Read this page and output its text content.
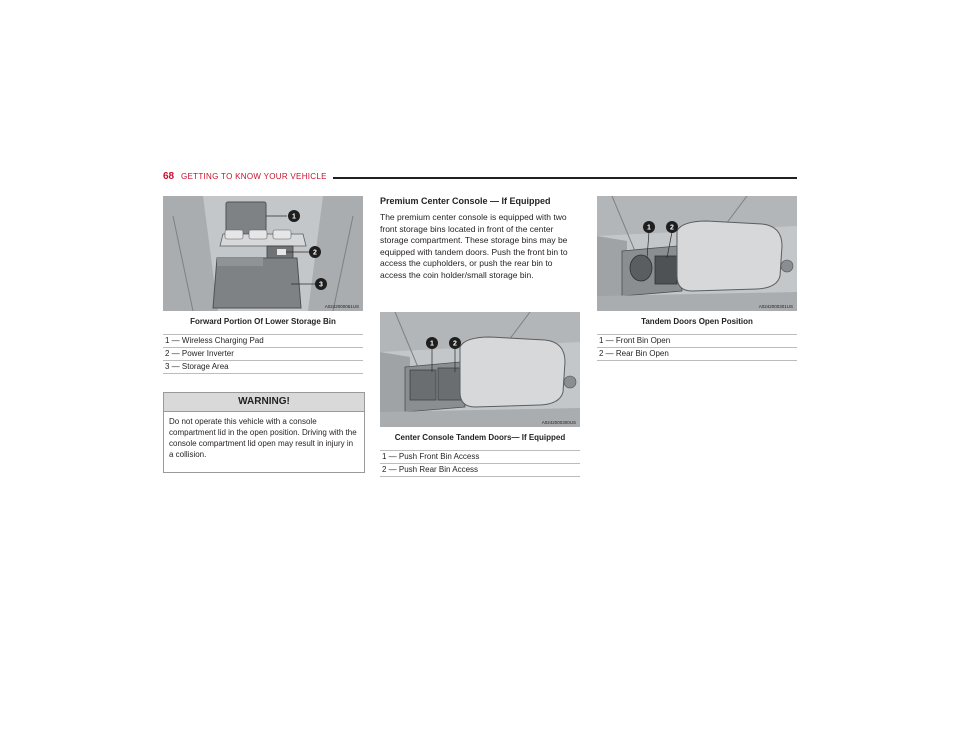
68 GETTING TO KNOW YOUR VEHICLE
1
2
3
A0242000061US
Forward Portion Of Lower Storage Bin
1 — Wireless Charging Pad
2 — Power Inverter
3 — Storage Area
WARNING!
Do not operate this vehicle with a console compartment lid in the open position. Driving with the console compartment lid open may result in injury in a collision.
Premium Center Console — If Equipped
The premium center console is equipped with two front storage bins located in front of the center storage compartment. These storage bins may be equipped with tandem doors. Push the front bin to access the cupholders, or push the rear bin to access the coin holder/small storage bin.
1	2
A0242000300US
Center Console Tandem Doors— If Equipped
1 — Push Front Bin Access
2 — Push Rear Bin Access
1	2
A0242000301US
Tandem Doors Open Position
1 — Front Bin Open
2 — Rear Bin Open
